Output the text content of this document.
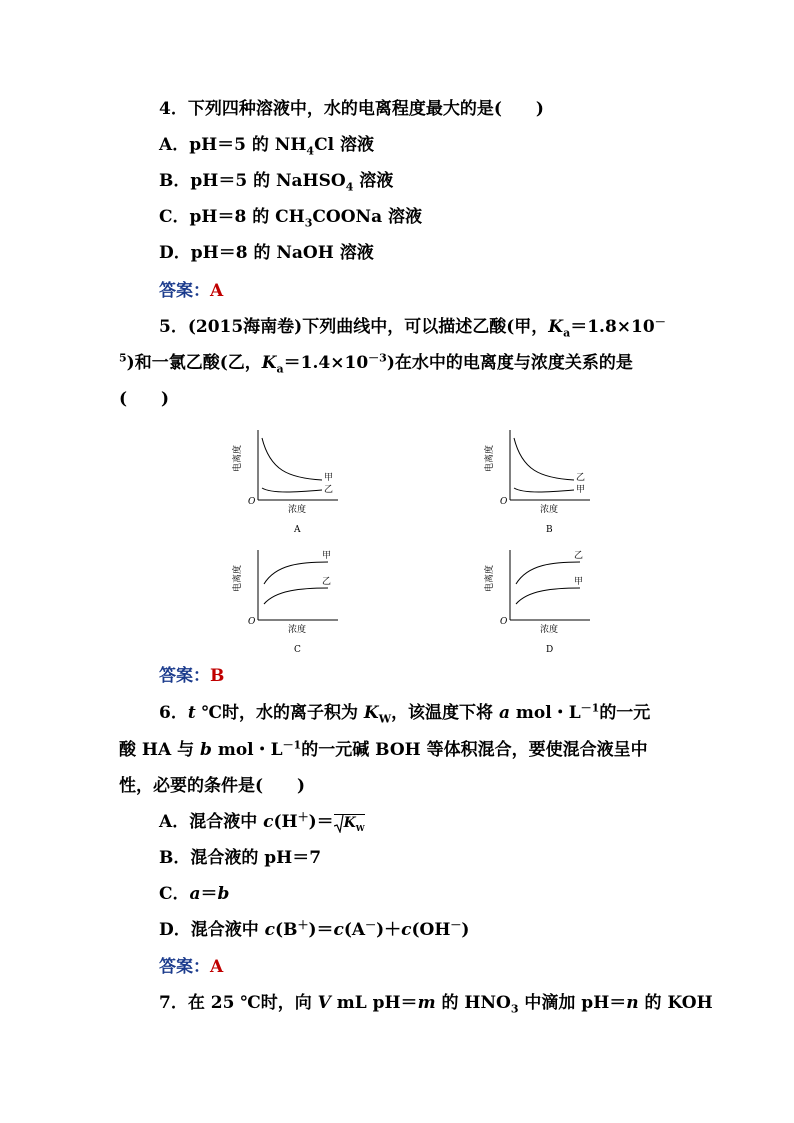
4．下列四种溶液中，水的电离程度最大的是(　　)
A．pH＝5 的 $NH_4Cl$ 溶液
B．pH＝5 的 NaHSO$_4$ 溶液
C．pH＝8 的 $CH_3COONa$ 溶液
D．pH＝8 的 NaOH 溶液
答案：A
5．(2015海南卷)下列曲线中，可以描述乙酸(甲，$K_a=1.8\times 10^-$
$^5$)和一氯乙酸(乙，$K_a=1.4\times 10^{-3}$)在水中的电离度与浓度关系的是
(　　)
O
浓度
电离度
A
甲
乙
O
浓度
电离度
B
乙
甲
O
浓度
电离度
C
甲
乙
O
浓度
电离度
D
乙
甲
答案：B
6．t ℃时，水的离子积为 $K_W$，该温度下将 a mol・$L^{-1}$的一元
酸 HA 与 b mol・$L^{-1}$的一元碱 BOH 等体积混合，要使混合液呈中
性，必要的条件是(　　)
A．混合液中 $c(H^+)= K_W$
B．混合液的 pH＝7
C．a＝b
D．混合液中 c(B＋)＝c(A－)＋c(OH－)
答案：A
7．在 25 ℃时，向 V mL pH＝m 的 $HNO_3$ 中滴加 pH＝n 的 KOH
